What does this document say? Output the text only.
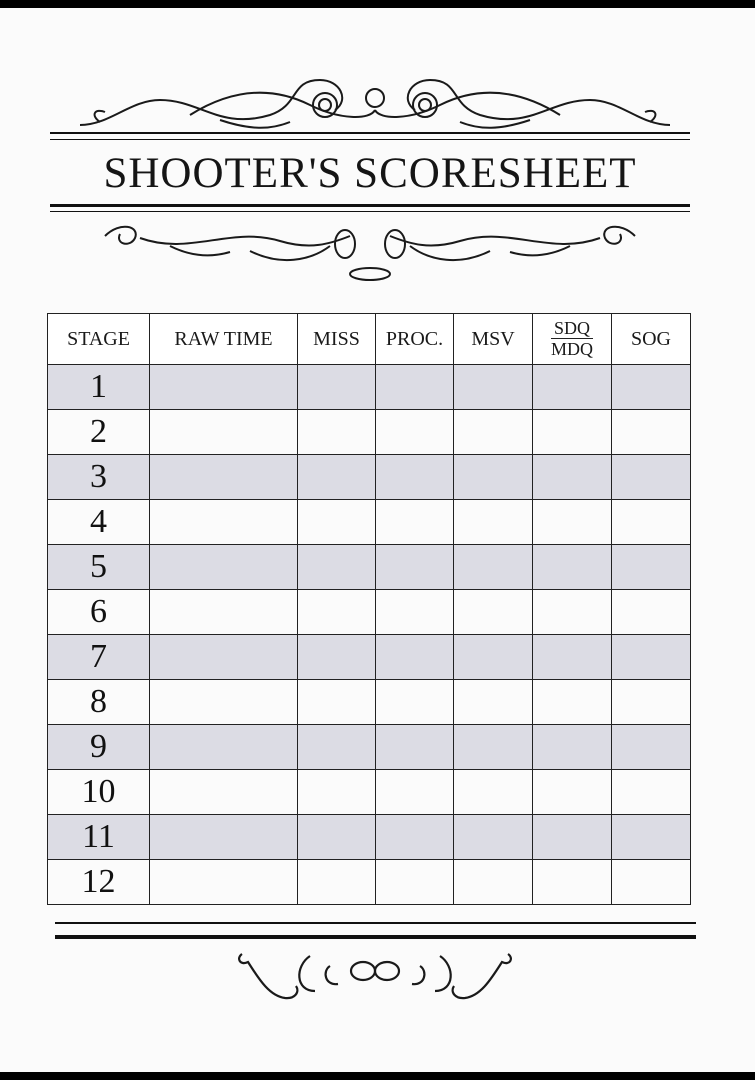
SHOOTER'S SCORESHEET
STAGE	RAW TIME	MISS	PROC.	MSV	$\frac{\text{SDQ}}{\text{MDQ}}$	SOG
1						
2						
3						
4						
5						
6						
7						
8						
9						
10						
11						
12						
